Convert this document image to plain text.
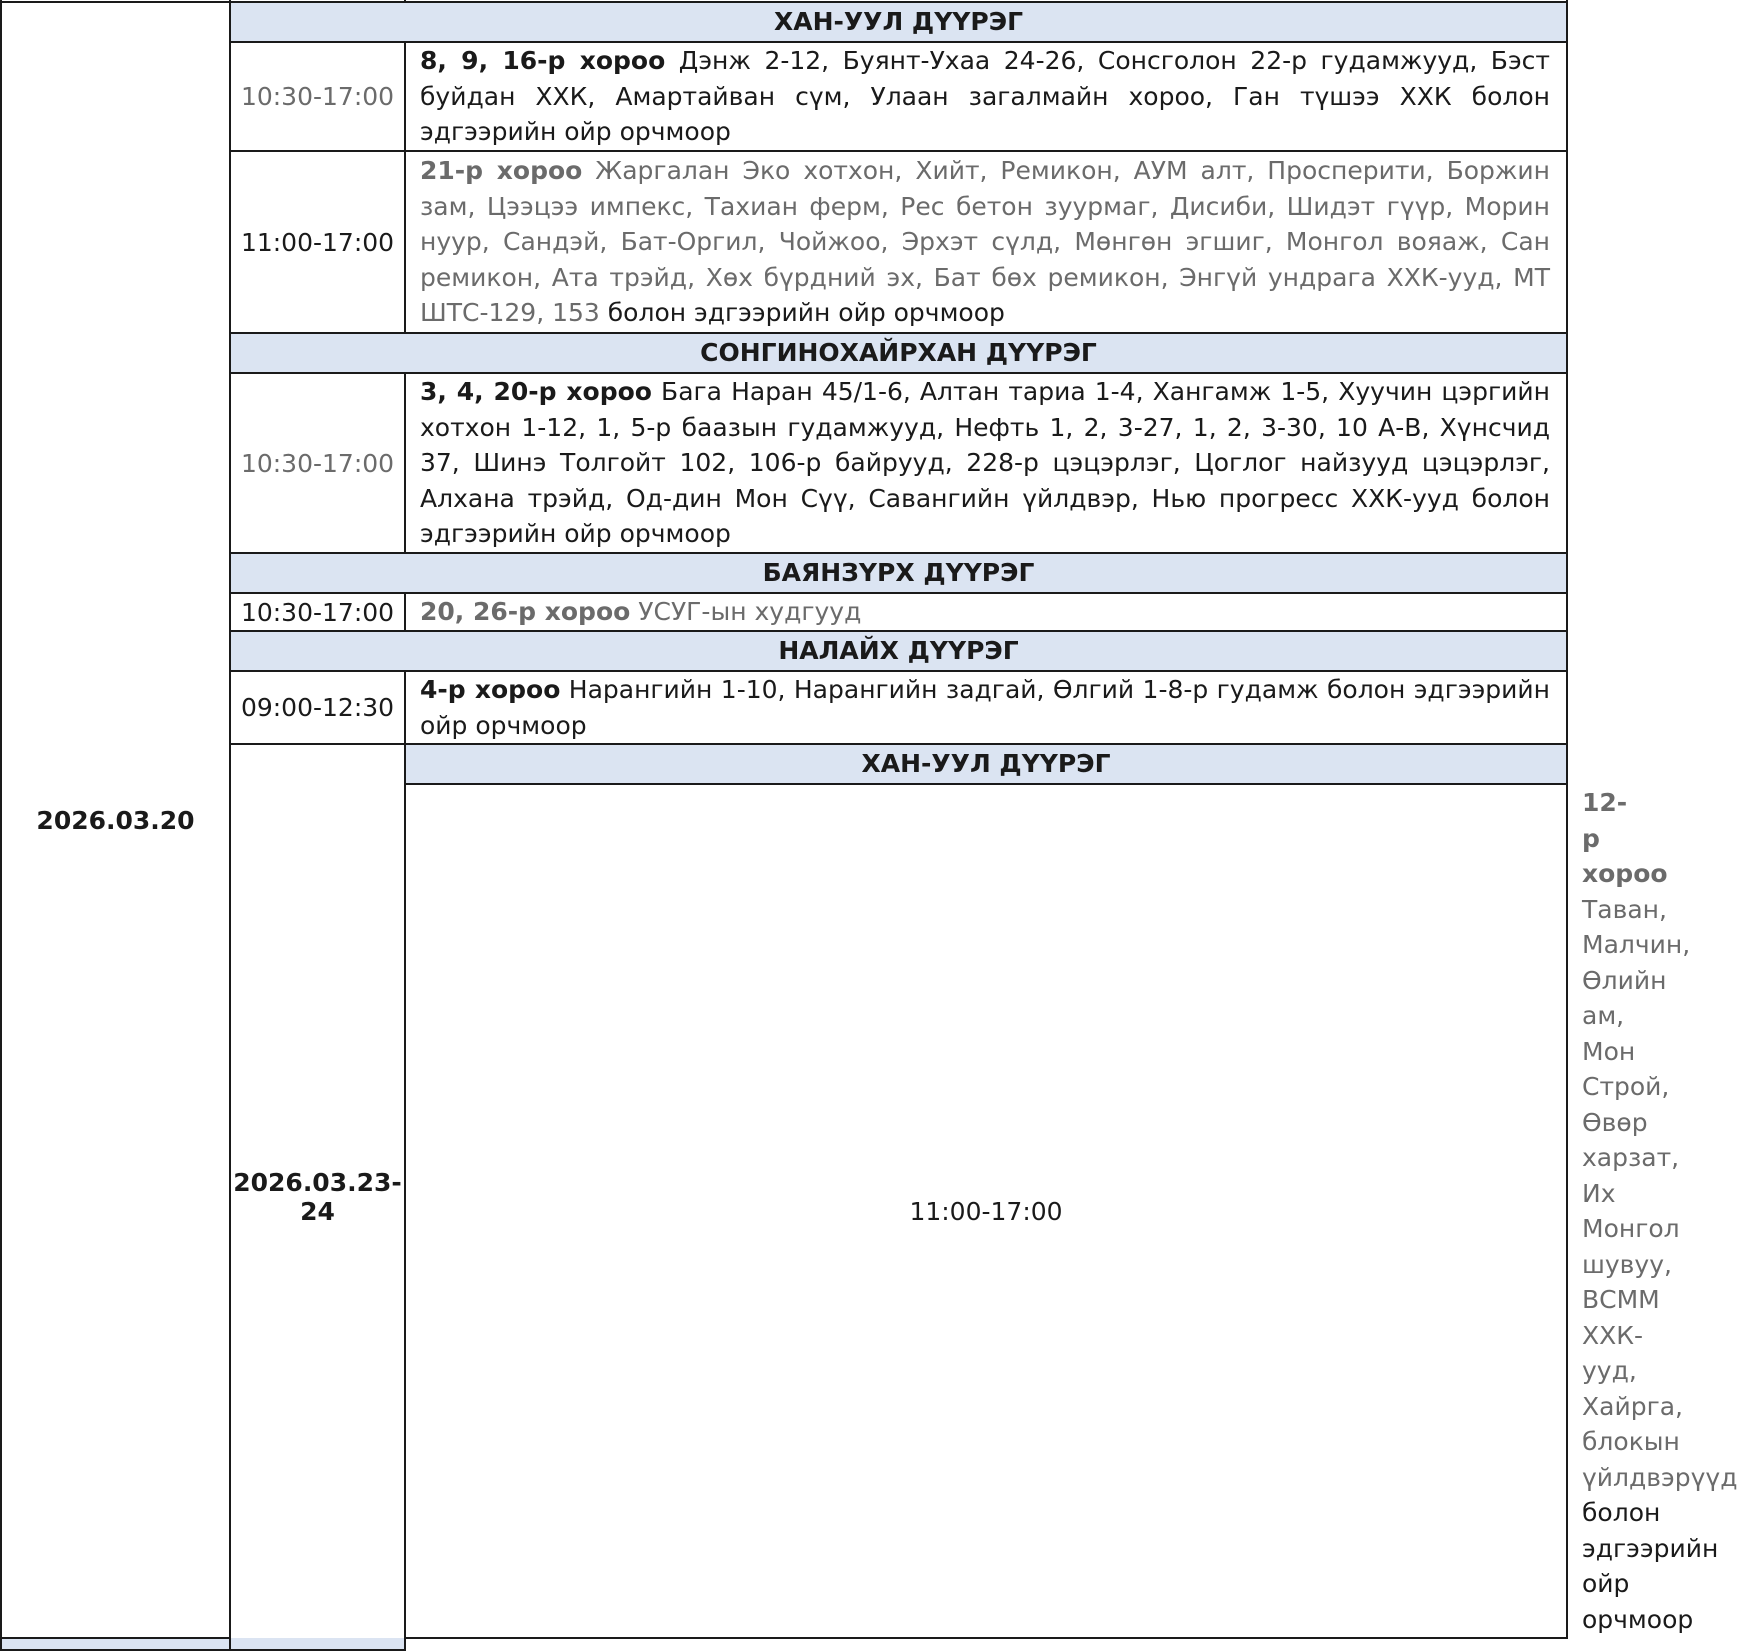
2026.03.20	ХАН-УУЛ ДҮҮРЭГ		
	10:30-17:00	8, 9, 16-р хороо Дэнж 2-12, Буянт-Ухаа 24-26, Сонсголон 22-р гудамжууд, Бэст буйдан ХХК, Амартайван сүм, Улаан загалмайн хороо, Ган түшээ ХХК болон эдгээрийн ойр орчмоор	
	11:00-17:00	21-р хороо Жаргалан Эко хотхон, Хийт, Ремикон, АУМ алт, Просперити, Боржин зам, Цээцээ импекс, Тахиан ферм, Рес бетон зуурмаг, Дисиби, Шидэт гүүр, Морин нуур, Сандэй, Бат-Оргил, Чойжоо, Эрхэт сүлд, Мөнгөн эгшиг, Монгол вояаж, Сан ремикон, Ата трэйд, Хөх бүрдний эх, Бат бөх ремикон, Энгүй ундрага ХХК-ууд, МТ ШТС-129, 153 болон эдгээрийн ойр орчмоор	
	СОНГИНОХАЙРХАН ДҮҮРЭГ		
	10:30-17:00	3, 4, 20-р хороо Бага Наран 45/1-6, Алтан тариа 1-4, Хангамж 1-5, Хуучин цэргийн хотхон 1-12, 1, 5-р баазын гудамжууд, Нефть 1, 2, 3-27, 1, 2, 3-30, 10 А-В, Хүнсчид 37, Шинэ Толгойт 102, 106-р байрууд, 228-р цэцэрлэг, Цоглог найзууд цэцэрлэг, Алхана трэйд, Од-дин Мон Сүү, Савангийн үйлдвэр, Нью прогресс ХХК-ууд болон эдгээрийн ойр орчмоор	
	БАЯНЗҮРХ ДҮҮРЭГ		
	10:30-17:00	20, 26-р хороо УСУГ-ын худгууд	
	НАЛАЙХ ДҮҮРЭГ		
	09:00-12:30	4-р хороо Нарангийн 1-10, Нарангийн задгай, Өлгий 1-8-р гудамж болон эдгээрийн ойр орчмоор	
	2026.03.23-24	ХАН-УУЛ ДҮҮРЭГ	
		11:00-17:00	12-р хороо Таван, Малчин, Өлийн ам, Мон Строй, Өвөр харзат, Их Монгол шувуу, ВСММ ХХК-ууд, Хайрга, блокын үйлдвэрүүд болон эдгээрийн ойр орчмоор
